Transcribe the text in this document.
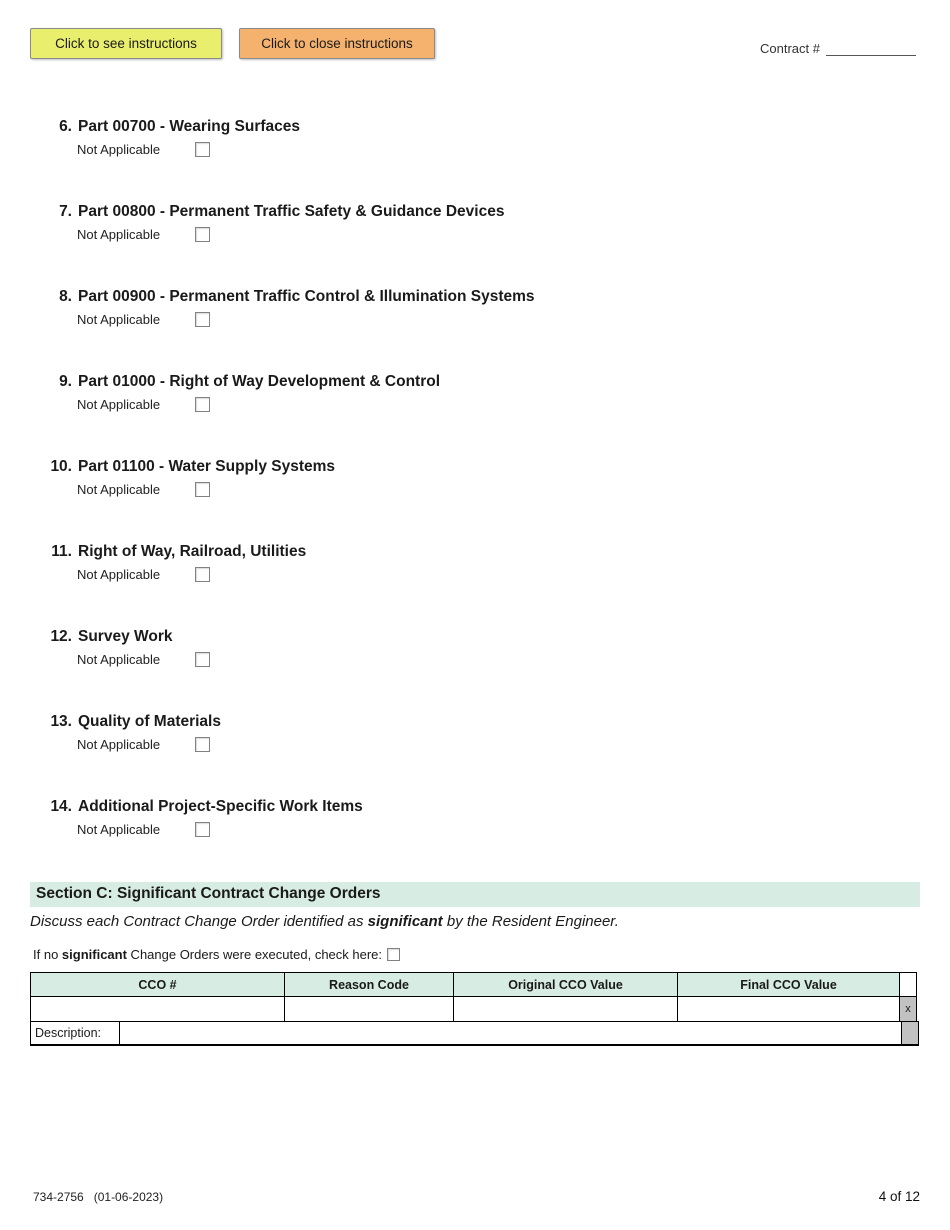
Click to see instructions	Click to close instructions	Contract #
6. Part 00700 - Wearing Surfaces
Not Applicable
7. Part 00800 - Permanent Traffic Safety & Guidance Devices
Not Applicable
8. Part 00900 - Permanent Traffic Control & Illumination Systems
Not Applicable
9. Part 01000 - Right of Way Development & Control
Not Applicable
10. Part 01100 - Water Supply Systems
Not Applicable
11. Right of Way, Railroad, Utilities
Not Applicable
12. Survey Work
Not Applicable
13. Quality of Materials
Not Applicable
14. Additional Project-Specific Work Items
Not Applicable
Section C: Significant Contract Change Orders
Discuss each Contract Change Order identified as significant by the Resident Engineer.
If no significant Change Orders were executed, check here:
CCO #	Reason Code	Original CCO Value	Final CCO Value
x
Description:
734-2756 (01-06-2023)	4 of 12
